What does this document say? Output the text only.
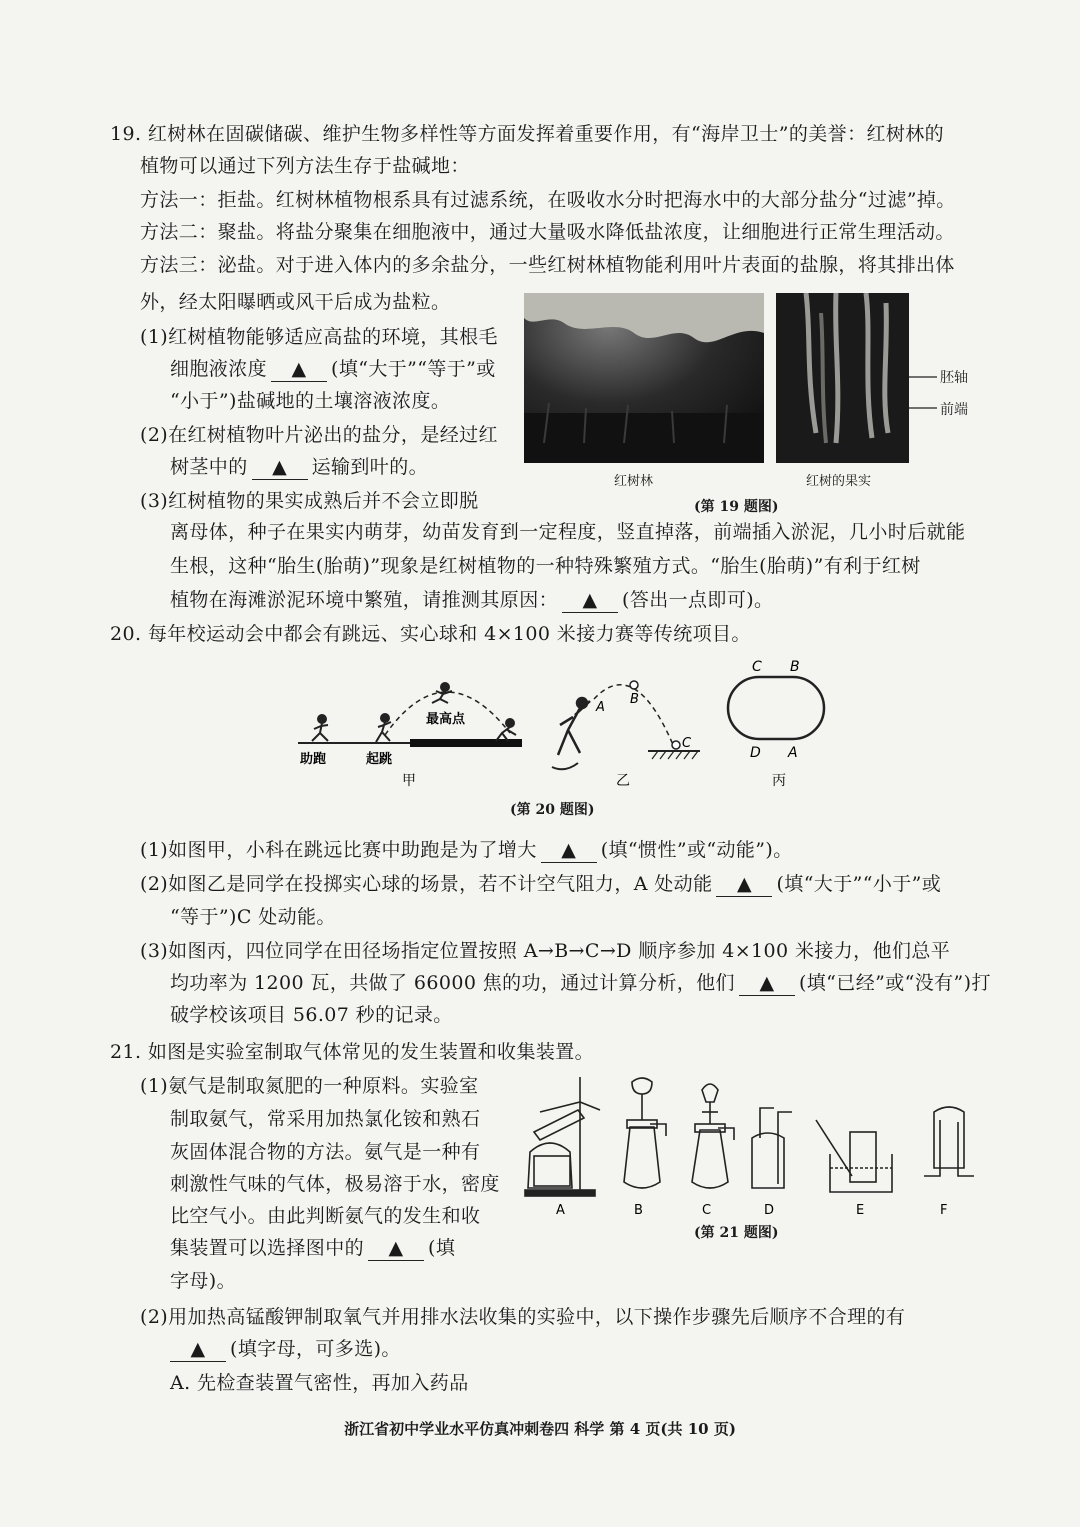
19. 红树林在固碳储碳、维护生物多样性等方面发挥着重要作用，有“海岸卫士”的美誉：红树林的
植物可以通过下列方法生存于盐碱地：
方法一：拒盐。红树林植物根系具有过滤系统，在吸收水分时把海水中的大部分盐分“过滤”掉。
方法二：聚盐。将盐分聚集在细胞液中，通过大量吸水降低盐浓度，让细胞进行正常生理活动。
方法三：泌盐。对于进入体内的多余盐分，一些红树林植物能利用叶片表面的盐腺，将其排出体
外，经太阳曝晒或风干后成为盐粒。
(1)红树植物能够适应高盐的环境，其根毛
细胞液浓度 ▲ (填“大于”“等于”或
“小于”)盐碱地的土壤溶液浓度。
(2)在红树植物叶片泌出的盐分，是经过红
树茎中的 ▲ 运输到叶的。
(3)红树植物的果实成熟后并不会立即脱
离母体，种子在果实内萌芽，幼苗发育到一定程度，竖直掉落，前端插入淤泥，几小时后就能
生根，这种“胎生(胎萌)”现象是红树植物的一种特殊繁殖方式。“胎生(胎萌)”有利于红树
植物在海滩淤泥环境中繁殖，请推测其原因： ▲ (答出一点即可)。
红树林	红树的果实
胚轴
前端
(第 19 题图)
20. 每年校运动会中都会有跳远、实心球和 4×100 米接力赛等传统项目。
A
B
C
C B
D A
最高点
助跑	起跳
甲	乙	丙
(第 20 题图)
(1)如图甲，小科在跳远比赛中助跑是为了增大 ▲ (填“惯性”或“动能”)。
(2)如图乙是同学在投掷实心球的场景，若不计空气阻力，A 处动能 ▲ (填“大于”“小于”或
“等于”)C 处动能。
(3)如图丙，四位同学在田径场指定位置按照 A→B→C→D 顺序参加 4×100 米接力，他们总平
均功率为 1200 瓦，共做了 66000 焦的功，通过计算分析，他们 ▲ (填“已经”或“没有”)打
破学校该项目 56.07 秒的记录。
21. 如图是实验室制取气体常见的发生装置和收集装置。
(1)氨气是制取氮肥的一种原料。实验室
制取氨气，常采用加热氯化铵和熟石
灰固体混合物的方法。氨气是一种有
刺激性气味的气体，极易溶于水，密度
比空气小。由此判断氨气的发生和收
集装置可以选择图中的 ▲ (填
字母)。
A	B	C	D	E	F
(第 21 题图)
(2)用加热高锰酸钾制取氧气并用排水法收集的实验中，以下操作步骤先后顺序不合理的有
▲ (填字母，可多选)。
A. 先检查装置气密性，再加入药品
浙江省初中学业水平仿真冲刺卷四 科学 第 4 页(共 10 页)
